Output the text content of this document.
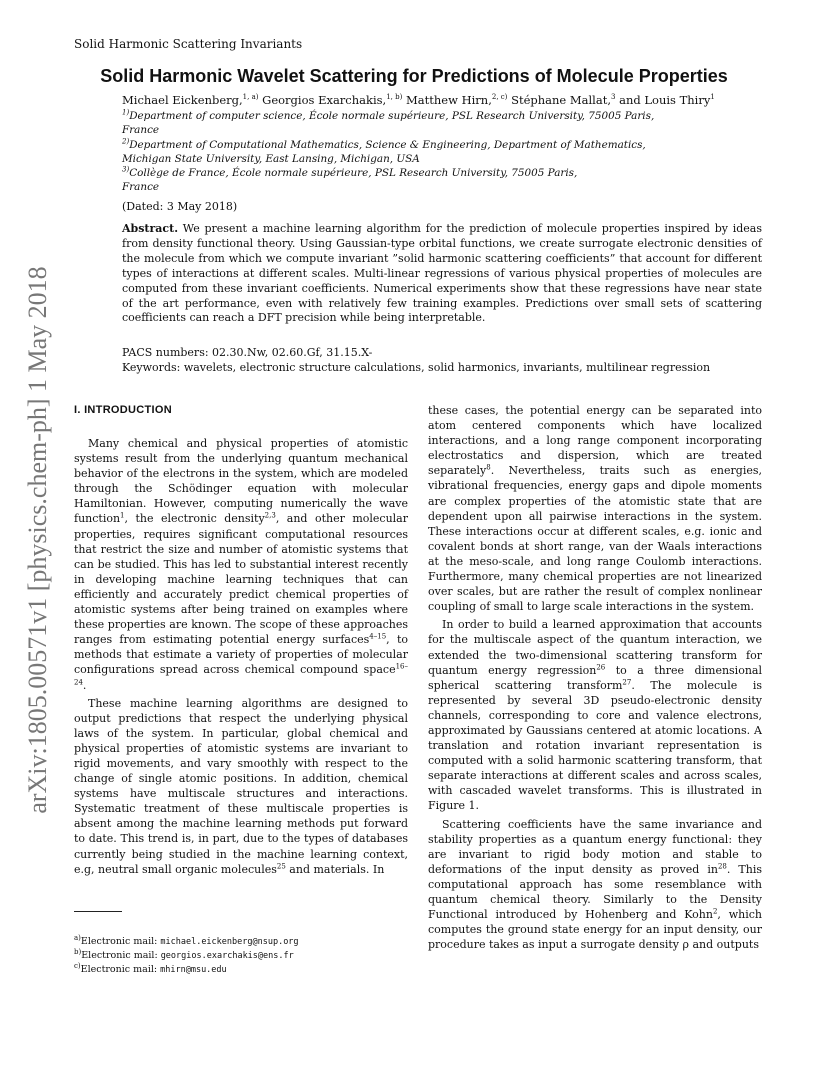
Solid Harmonic Scattering Invariants
arXiv:1805.00571v1 [physics.chem-ph] 1 May 2018
Solid Harmonic Wavelet Scattering for Predictions of Molecule Properties
Michael Eickenberg,$^{1, a)}$ Georgios Exarchakis,$^{1, b)}$ Matthew Hirn,$^{2, c)}$ Stéphane Mallat,$^3$ and Louis Thiry$^1$
$^{1)}$Department of computer science, École normale supérieure, PSL Research University, 75005 Paris,
France
$^{2)}$Department of Computational Mathematics, Science & Engineering, Department of Mathematics,
Michigan State University, East Lansing, Michigan, USA
$^{3)}$Collège de France, École normale supérieure, PSL Research University, 75005 Paris,
France
(Dated: 3 May 2018)
Abstract. We present a machine learning algorithm for the prediction of molecule properties inspired by ideas from density functional theory. Using Gaussian-type orbital functions, we create surrogate electronic densities of the molecule from which we compute invariant ”solid harmonic scattering coefficients” that account for different types of interactions at different scales. Multi-linear regressions of various physical properties of molecules are computed from these invariant coefficients. Numerical experiments show that these regressions have near state of the art performance, even with relatively few training examples. Predictions over small sets of scattering coefficients can reach a DFT precision while being interpretable.
PACS numbers: 02.30.Nw, 02.60.Gf, 31.15.X-
Keywords: wavelets, electronic structure calculations, solid harmonics, invariants, multilinear regression
I. INTRODUCTION

Many chemical and physical properties of atomistic systems result from the underlying quantum mechanical behavior of the electrons in the system, which are modeled through the Schödinger equation with molecular Hamiltonian. However, computing numerically the wave function$^1$, the electronic density$^{2,3}$, and other molecular properties, requires significant computational resources that restrict the size and number of atomistic systems that can be studied. This has led to substantial interest recently in developing machine learning techniques that can efficiently and accurately predict chemical properties of atomistic systems after being trained on examples where these properties are known. The scope of these approaches ranges from estimating potential energy surfaces$^{4-15}$, to methods that estimate a variety of properties of molecular configurations spread across chemical compound space$^{16-24}$.

These machine learning algorithms are designed to output predictions that respect the underlying physical laws of the system. In particular, global chemical and physical properties of atomistic systems are invariant to rigid movements, and vary smoothly with respect to the change of single atomic positions. In addition, chemical systems have multiscale structures and interactions. Systematic treatment of these multiscale properties is absent among the machine learning methods put forward to date. This trend is, in part, due to the types of databases currently being studied in the machine learning context, e.g, neutral small organic molecules$^{25}$ and materials. In

these cases, the potential energy can be separated into atom centered components which have localized interactions, and a long range component incorporating electrostatics and dispersion, which are treated separately$^8$. Nevertheless, traits such as energies, vibrational frequencies, energy gaps and dipole moments are complex properties of the atomistic state that are dependent upon all pairwise interactions in the system. These interactions occur at different scales, e.g. ionic and covalent bonds at short range, van der Waals interactions at the meso-scale, and long range Coulomb interactions. Furthermore, many chemical properties are not linearized over scales, but are rather the result of complex nonlinear coupling of small to large scale interactions in the system.

In order to build a learned approximation that accounts for the multiscale aspect of the quantum interaction, we extended the two-dimensional scattering transform for quantum energy regression$^{26}$ to a three dimensional spherical scattering transform$^{27}$. The molecule is represented by several 3D pseudo-electronic density channels, corresponding to core and valence electrons, approximated by Gaussians centered at atomic locations. A translation and rotation invariant representation is computed with a solid harmonic scattering transform, that separate interactions at different scales and across scales, with cascaded wavelet transforms. This is illustrated in Figure 1.

Scattering coefficients have the same invariance and stability properties as a quantum energy functional: they are invariant to rigid body motion and stable to deformations of the input density as proved $in^{28}$. This computational approach has some resemblance with quantum chemical theory. Similarly to the Density Functional introduced by Hohenberg and Kohn$^2$, which computes the ground state energy for an input density, our procedure takes as input a surrogate density ρ and outputs

$^{a)}$Electronic mail: michael.eickenberg@nsup.org
$^{b)}$Electronic mail: georgios.exarchakis@ens.fr
$^{c)}$Electronic mail: mhirn@msu.edu
